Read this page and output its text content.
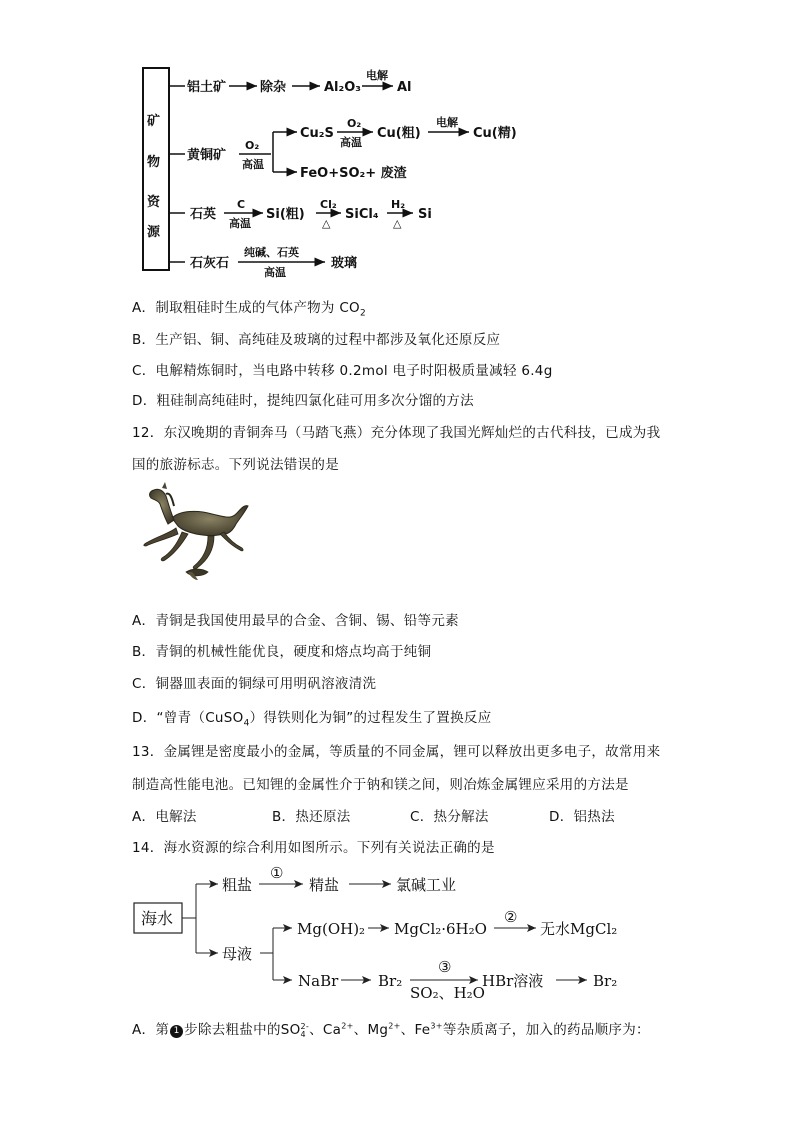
矿
物
资
源
铝土矿	除杂	Al₂O₃
电解
Al
黄铜矿
O₂
高温
Cu₂S
O₂
高温
Cu(粗)
电解
Cu(精)
FeO+SO₂+ 废渣
石英
C
高温
Si(粗)
Cl₂
△
SiCl₄
H₂
△
Si
石灰石
纯碱、石英
高温
玻璃
A．制取粗硅时生成的气体产物为 $CO_2$
B．生产铝、铜、高纯硅及玻璃的过程中都涉及氧化还原反应
C．电解精炼铜时，当电路中转移 0.2mol 电子时阳极质量减轻 6.4g
D．粗硅制高纯硅时，提纯四氯化硅可用多次分馏的方法
12．东汉晚期的青铜奔马（马踏飞燕）充分体现了我国光辉灿烂的古代科技，已成为我
国的旅游标志。下列说法错误的是
A．青铜是我国使用最早的合金、含铜、锡、铅等元素
B．青铜的机械性能优良，硬度和熔点均高于纯铜
C．铜器皿表面的铜绿可用明矾溶液清洗
D．“曾青（CuSO$_4$）得铁则化为铜”的过程发生了置换反应
13．金属锂是密度最小的金属，等质量的不同金属，锂可以释放出更多电子，故常用来
制造高性能电池。已知锂的金属性介于钠和镁之间，则冶炼金属锂应采用的方法是
A．电解法	B．热还原法	C．热分解法	D．铝热法
14．海水资源的综合利用如图所示。下列有关说法正确的是
海水
粗盐
①
精盐	氯碱工业
母液
Mg(OH)₂ MgCl₂·6H₂O
②
无水MgCl₂
NaBr	Br₂
③
SO₂、H₂O
HBr溶液	Br₂
A．第 1 步除去粗盐中的SO 2-
4 、$Ca^{2+}$、$Mg^{2+}$、$Fe^{3+}$等杂质离子，加入的药品顺序为：
